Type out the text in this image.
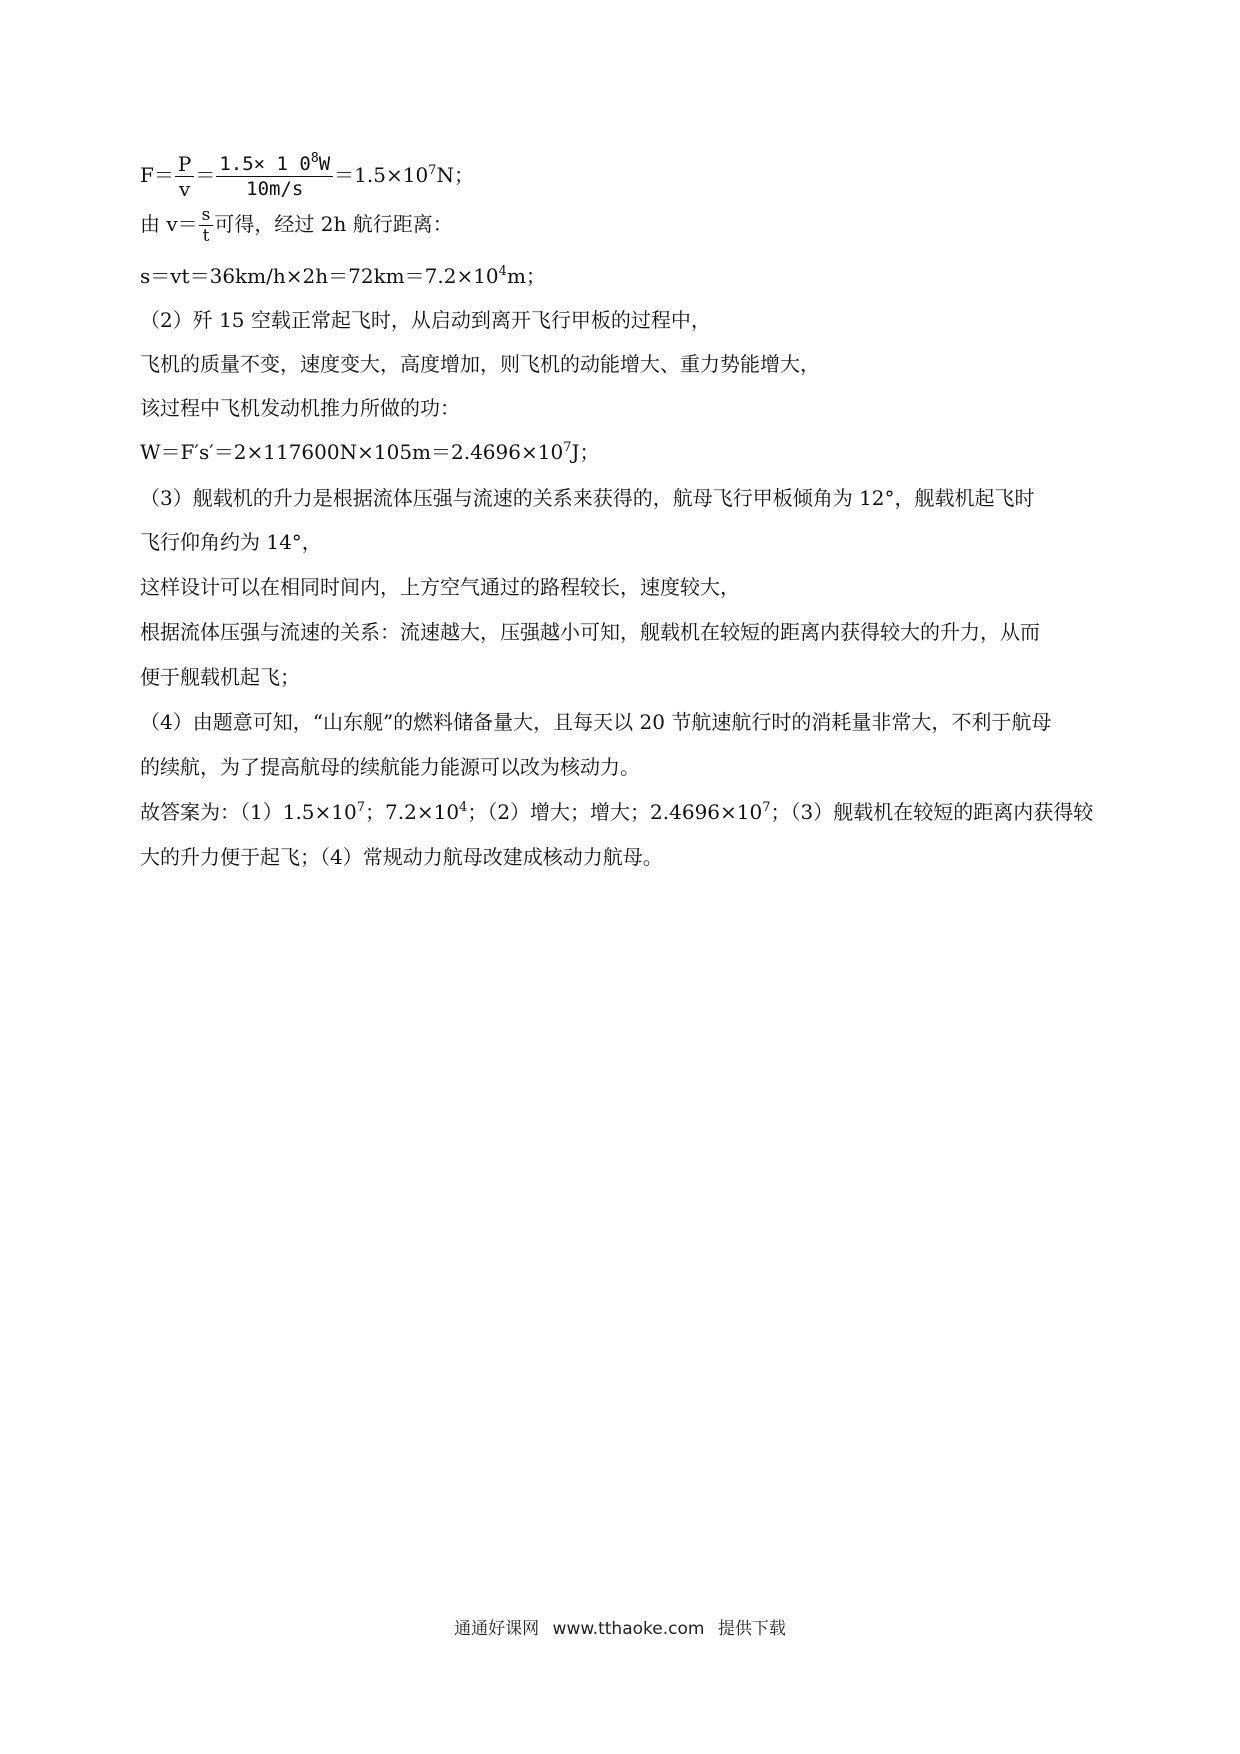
$F= \frac{P}{v} = \frac{1.5\times 1 0^8W}{10m/s} =1.5\times 10^7N$；
由 $v= \frac{s}{t}$ 可得，经过 2h 航行距离：
$s=vt=36km/h\times 2h=72km=7.2\times 10^4m$；
（2）歼 15 空载正常起飞时，从启动到离开飞行甲板的过程中，
飞机的质量不变，速度变大，高度增加，则飞机的动能增大、重力势能增大，
该过程中飞机发动机推力所做的功：
$W=F's'=2\times 117600N\times 105m=2.4696\times 10^7J$；
（3）舰载机的升力是根据流体压强与流速的关系来获得的，航母飞行甲板倾角为 12°，舰载机起飞时
飞行仰角约为 14°，
这样设计可以在相同时间内，上方空气通过的路程较长，速度较大，
根据流体压强与流速的关系：流速越大，压强越小可知，舰载机在较短的距离内获得较大的升力，从而
便于舰载机起飞；
（4）由题意可知，“山东舰”的燃料储备量大，且每天以 20 节航速航行时的消耗量非常大，不利于航母
的续航，为了提高航母的续航能力能源可以改为核动力。
故答案为：$(1)1.5\times 10^7$；$7.2\times 10^4$；（2）增大；增大；$2.4696\times 10^7$；（3）舰载机在较短的距离内获得较
大的升力便于起飞；（4）常规动力航母改建成核动力航母。
通通好课网 www.tthaoke.com 提供下载
